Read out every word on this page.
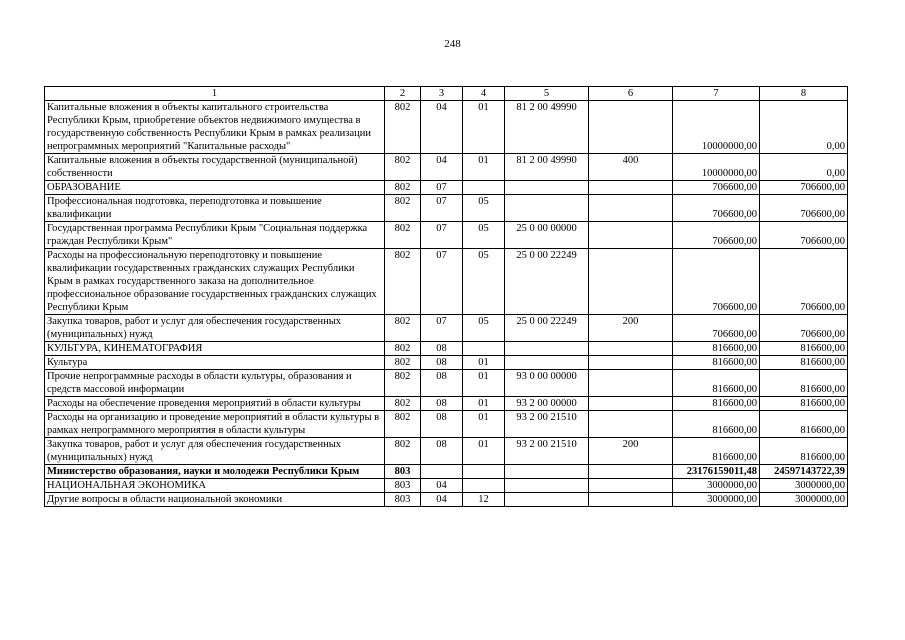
248
1	2	3	4	5	6	7	8
Капитальные вложения в объекты капитального строительства Республики Крым, приобретение объектов недвижимого имущества в государственную собственность Республики Крым в рамках реализации непрограммных мероприятий "Капитальные расходы"	802	04	01	81 2 00 49990		10000000,00	0,00
Капитальные вложения в объекты государственной (муниципальной) собственности	802	04	01	81 2 00 49990	400	10000000,00	0,00
ОБРАЗОВАНИЕ	802	07				706600,00	706600,00
Профессиональная подготовка, переподготовка и повышение квалификации	802	07	05			706600,00	706600,00
Государственная программа Республики Крым "Социальная поддержка граждан Республики Крым"	802	07	05	25 0 00 00000		706600,00	706600,00
Расходы на профессиональную переподготовку и повышение квалификации государственных гражданских служащих Республики Крым в рамках государственного заказа на дополнительное профессиональное образование государственных гражданских служащих Республики Крым	802	07	05	25 0 00 22249		706600,00	706600,00
Закупка товаров, работ и услуг для обеспечения государственных (муниципальных) нужд	802	07	05	25 0 00 22249	200	706600,00	706600,00
КУЛЬТУРА, КИНЕМАТОГРАФИЯ	802	08				816600,00	816600,00
Культура	802	08	01			816600,00	816600,00
Прочие непрограммные расходы в области культуры, образования и средств массовой информации	802	08	01	93 0 00 00000		816600,00	816600,00
Расходы на обеспечение проведения мероприятий в области культуры	802	08	01	93 2 00 00000		816600,00	816600,00
Расходы на организацию и проведение мероприятий в области культуры в рамках непрограммного мероприятия в области культуры	802	08	01	93 2 00 21510		816600,00	816600,00
Закупка товаров, работ и услуг для обеспечения государственных (муниципальных) нужд	802	08	01	93 2 00 21510	200	816600,00	816600,00
Министерство образования, науки и молодежи Республики Крым	803					23176159011,48	24597143722,39
НАЦИОНАЛЬНАЯ ЭКОНОМИКА	803	04				3000000,00	3000000,00
Другие вопросы в области национальной экономики	803	04	12			3000000,00	3000000,00
